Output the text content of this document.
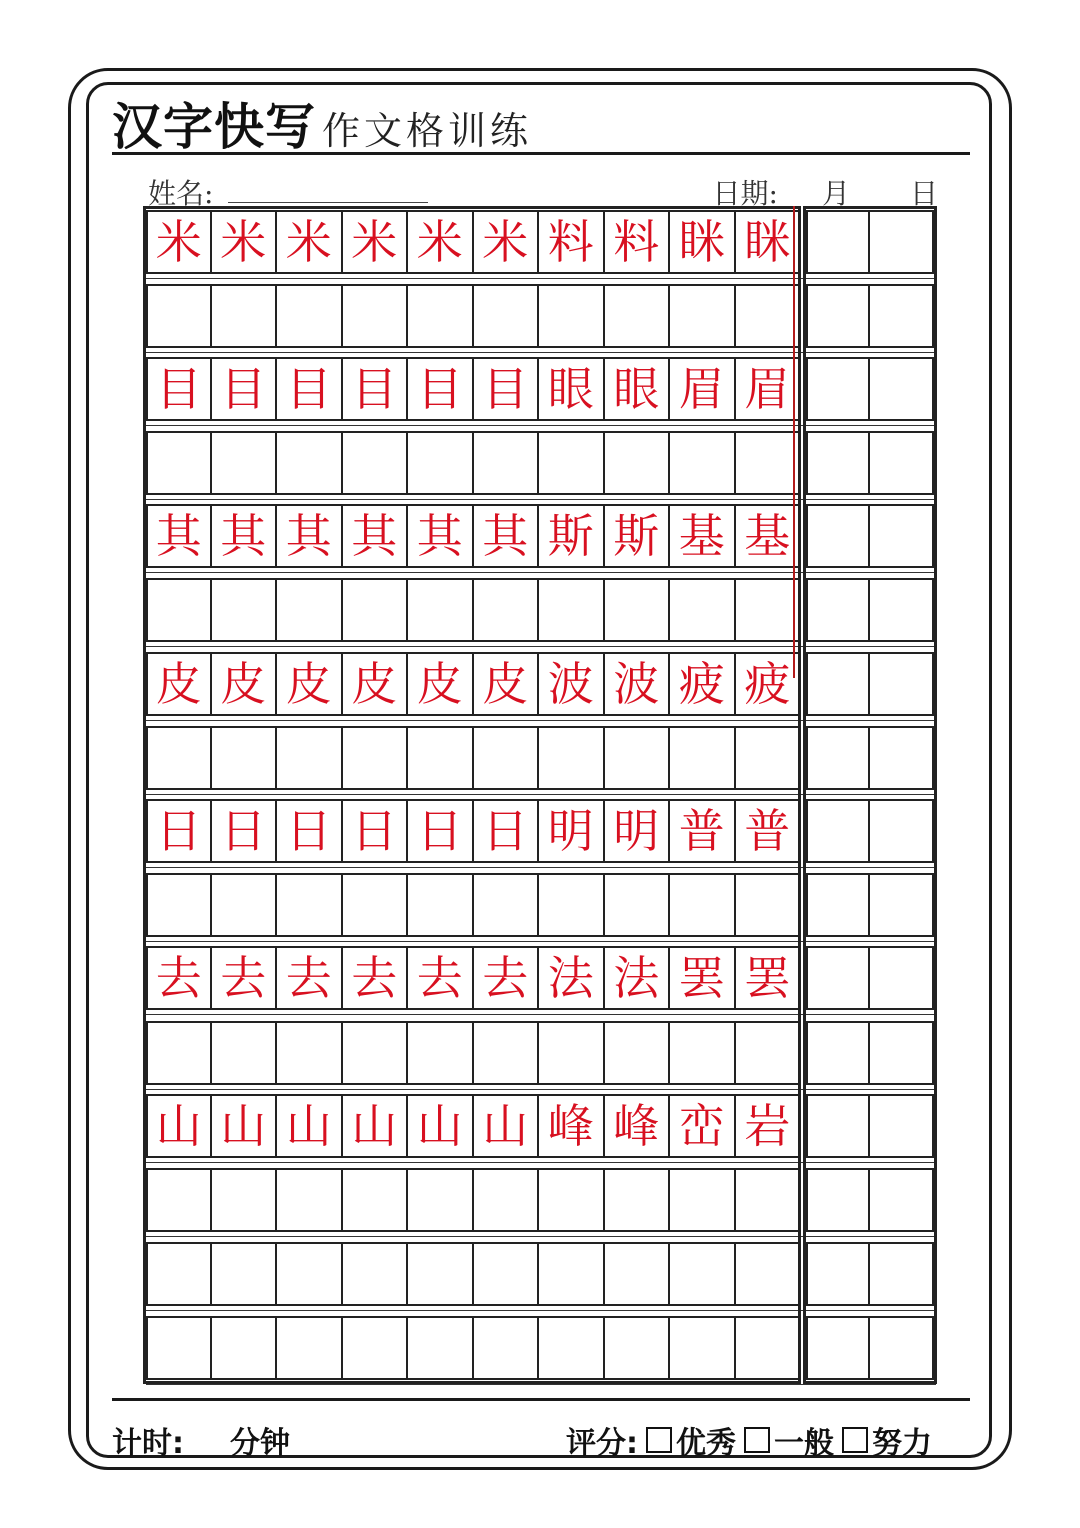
汉字快写 作文格训练
姓名:	日期: 月 日
米 米 米 米 米 米 料 料 眯 眯
目 目 目 目 目 目 眼 眼 眉 眉
其 其 其 其 其 其 斯 斯 基 基
皮 皮 皮 皮 皮 皮 波 波 疲 疲
日 日 日 日 日 日 明 明 普 普
去 去 去 去 去 去 法 法 罢 罢
山 山 山 山 山 山 峰 峰 峦 岩
计时: 分钟	评分: 优秀 一般 努力
